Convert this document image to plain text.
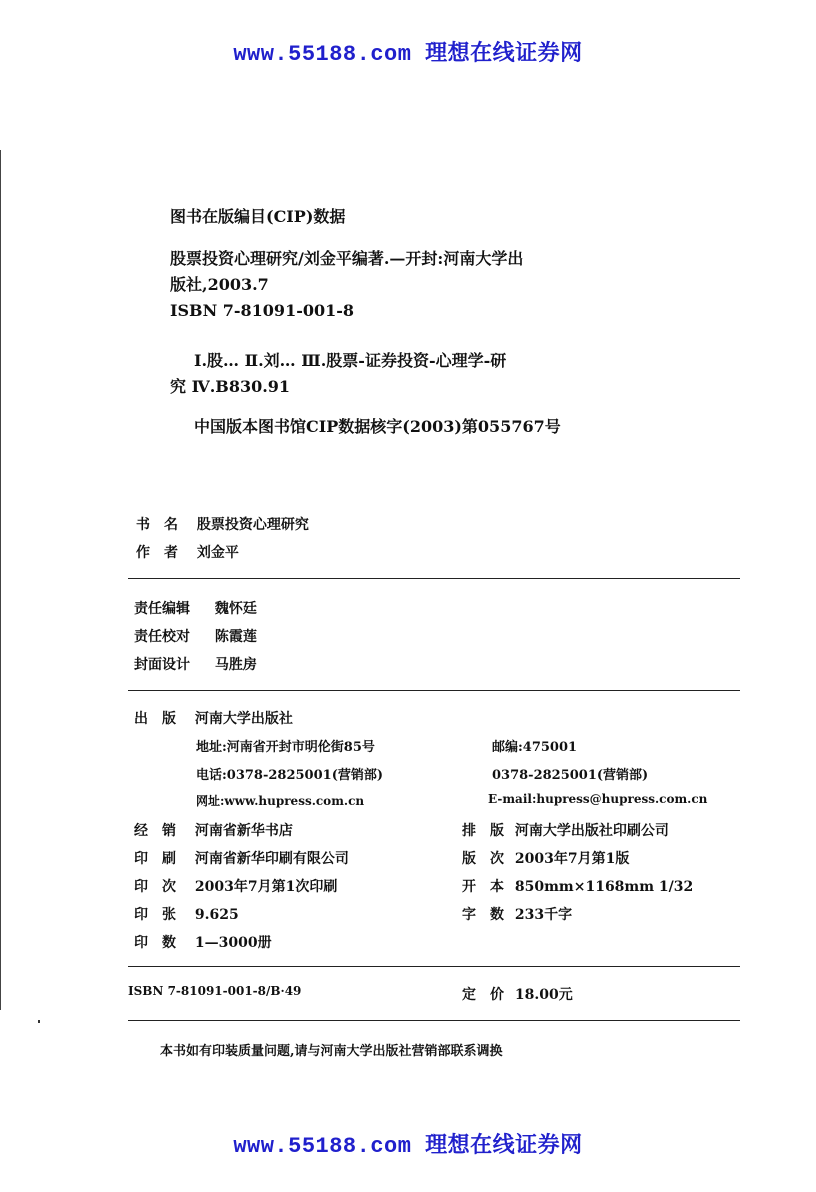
www.55188.com 理想在线证券网
图书在版编目(CIP)数据
股票投资心理研究/刘金平编著.—开封:河南大学出
版社,2003.7
ISBN 7-81091-001-8
Ⅰ.股… Ⅱ.刘… Ⅲ.股票-证券投资-心理学-研
究 Ⅳ.B830.91
中国版本图书馆CIP数据核字(2003)第055767号
书　名 股票投资心理研究
作　者 刘金平
责任编辑 魏怀廷
责任校对 陈霞莲
封面设计 马胜房
出　版 河南大学出版社
地址:河南省开封市明伦街85号	邮编:475001
电话:0378-2825001(营销部)	0378-2825001(营销部)
网址:www.hupress.com.cn	E-mail:hupress@hupress.com.cn
经　销 河南省新华书店	排　版 河南大学出版社印刷公司
印　刷 河南省新华印刷有限公司	版　次 2003年7月第1版
印　次 2003年7月第1次印刷	开　本 850mm×1168mm 1/32
印　张 9.625	字　数 233千字
印　数 1—3000册
ISBN 7-81091-001-8/B·49	定　价 18.00元
本书如有印装质量问题,请与河南大学出版社营销部联系调换
www.55188.com 理想在线证券网
